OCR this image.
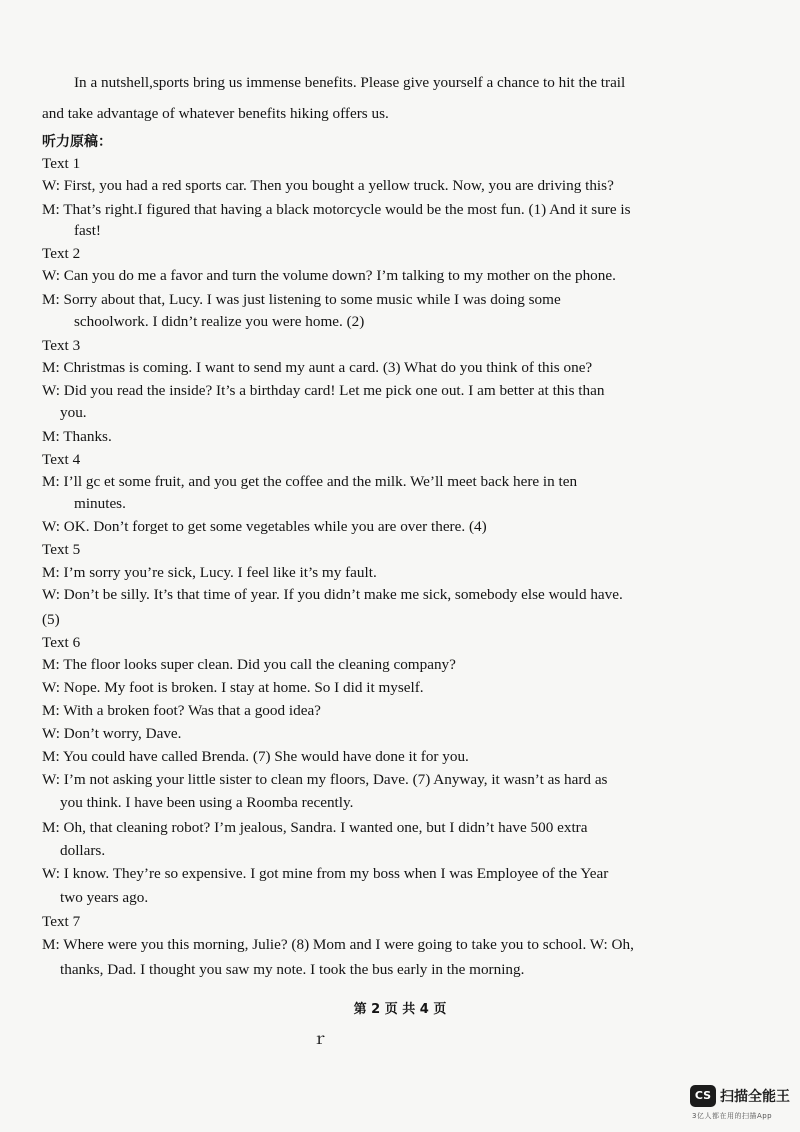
In a nutshell,sports bring us immense benefits. Please give yourself a chance to hit the trail
and take advantage of whatever benefits hiking offers us.
听力原稿：
Text 1
W: First, you had a red sports car. Then you bought a yellow truck. Now, you are driving this?
M: That’s right.I figured that having a black motorcycle would be the most fun. (1) And it sure is
fast!
Text 2
W: Can you do me a favor and turn the volume down? I’m talking to my mother on the phone.
M: Sorry about that, Lucy. I was just listening to some music while I was doing some
schoolwork. I didn’t realize you were home. (2)
Text 3
M: Christmas is coming. I want to send my aunt a card. (3) What do you think of this one?
W: Did you read the inside? It’s a birthday card! Let me pick one out. I am better at this than
you.
M: Thanks.
Text 4
M: I’ll gc et some fruit, and you get the coffee and the milk. We’ll meet back here in ten
minutes.
W: OK. Don’t forget to get some vegetables while you are over there. (4)
Text 5
M: I’m sorry you’re sick, Lucy. I feel like it’s my fault.
W: Don’t be silly. It’s that time of year. If you didn’t make me sick, somebody else would have.
(5)
Text 6
M: The floor looks super clean. Did you call the cleaning company?
W: Nope. My foot is broken. I stay at home. So I did it myself.
M: With a broken foot? Was that a good idea?
W: Don’t worry, Dave.
M: You could have called Brenda. (7) She would have done it for you.
W: I’m not asking your little sister to clean my floors, Dave. (7) Anyway, it wasn’t as hard as
you think. I have been using a Roomba recently.
M: Oh, that cleaning robot? I’m jealous, Sandra. I wanted one, but I didn’t have 500 extra
dollars.
W: I know. They’re so expensive. I got mine from my boss when I was Employee of the Year
two years ago.
Text 7
M: Where were you this morning, Julie? (8) Mom and I were going to take you to school. W: Oh,
thanks, Dad. I thought you saw my note. I took the bus early in the morning.
第 2 页 共 4 页
ｒ
CS 扫描全能王
3亿人都在用的扫描App
